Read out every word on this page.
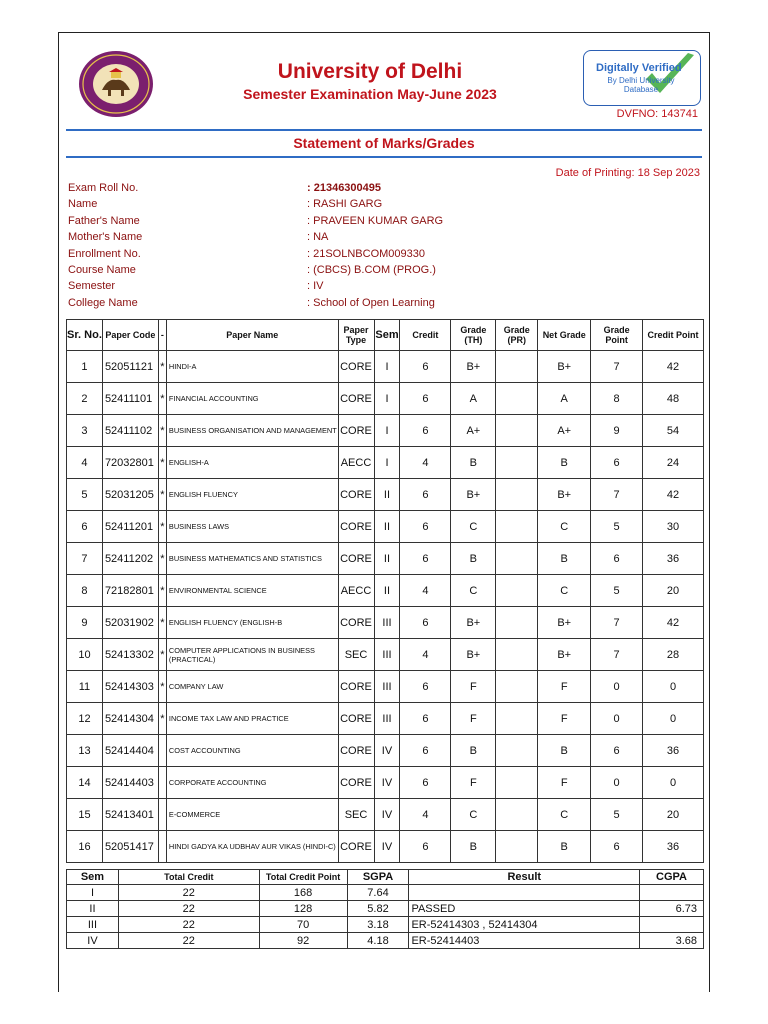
University of Delhi
Semester Examination May-June 2023
Digitally Verified
By Delhi University
Database
DVFNO: 143741
Statement of Marks/Grades
Date of Printing: 18 Sep 2023
Exam Roll No.	: 21346300495
Name	: RASHI GARG
Father's Name	: PRAVEEN KUMAR GARG
Mother's Name	: NA
Enrollment No.	: 21SOLNBCOM009330
Course Name	: (CBCS) B.COM (PROG.)
Semester	: IV
College Name	: School of Open Learning
Sr. No.	Paper Code	-	Paper Name	Paper Type	Sem	Credit	Grade (TH)	Grade (PR)	Net Grade	Grade Point	Credit Point
1	52051121	*	HINDI-A	CORE	I	6	B+		B+	7	42
2	52411101	*	FINANCIAL ACCOUNTING	CORE	I	6	A		A	8	48
3	52411102	*	BUSINESS ORGANISATION AND MANAGEMENT	CORE	I	6	A+		A+	9	54
4	72032801	*	ENGLISH-A	AECC	I	4	B		B	6	24
5	52031205	*	ENGLISH FLUENCY	CORE	II	6	B+		B+	7	42
6	52411201	*	BUSINESS LAWS	CORE	II	6	C		C	5	30
7	52411202	*	BUSINESS MATHEMATICS AND STATISTICS	CORE	II	6	B		B	6	36
8	72182801	*	ENVIRONMENTAL SCIENCE	AECC	II	4	C		C	5	20
9	52031902	*	ENGLISH FLUENCY (ENGLISH-B	CORE	III	6	B+		B+	7	42
10	52413302	*	COMPUTER APPLICATIONS IN BUSINESS (PRACTICAL)	SEC	III	4	B+		B+	7	28
11	52414303	*	COMPANY LAW	CORE	III	6	F		F	0	0
12	52414304	*	INCOME TAX LAW AND PRACTICE	CORE	III	6	F		F	0	0
13	52414404		COST ACCOUNTING	CORE	IV	6	B		B	6	36
14	52414403		CORPORATE ACCOUNTING	CORE	IV	6	F		F	0	0
15	52413401		E-COMMERCE	SEC	IV	4	C		C	5	20
16	52051417		HINDI GADYA KA UDBHAV AUR VIKAS (HINDI-C)	CORE	IV	6	B		B	6	36
Sem	Total Credit	Total Credit Point	SGPA	Result	CGPA
I	22	168	7.64		
II	22	128	5.82	PASSED	6.73
III	22	70	3.18	ER-52414303 , 52414304	
IV	22	92	4.18	ER-52414403	3.68
